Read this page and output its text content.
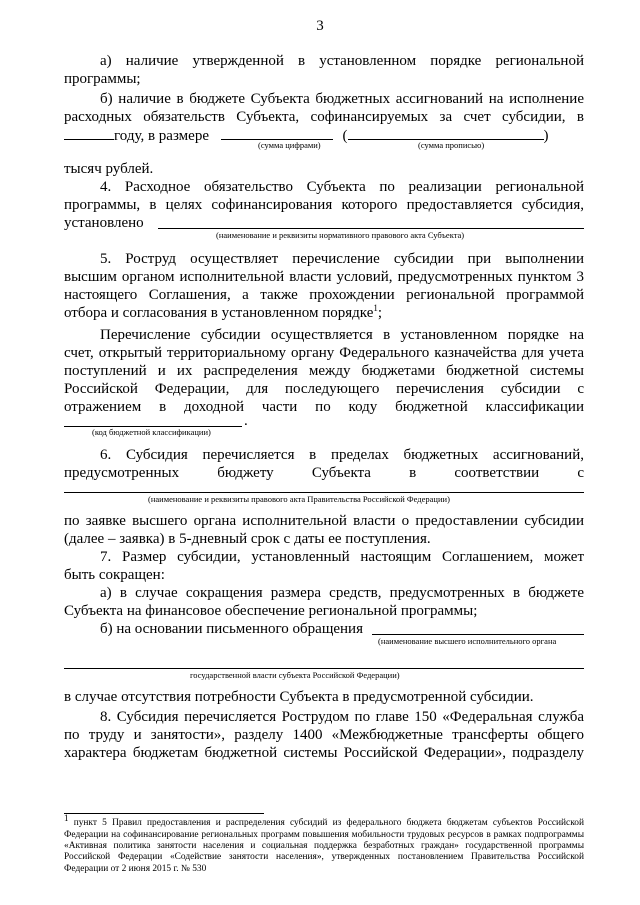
3
а) наличие утвержденной в установленном порядке региональной
программы;
б) наличие в бюджете Субъекта бюджетных ассигнований на исполнение
расходных обязательств Субъекта, софинансируемых за счет субсидии, в
году, в размере	(	)
(сумма цифрами)	(сумма прописью)
тысяч рублей.
4. Расходное обязательство Субъекта по реализации региональной
программы, в целях софинансирования которого предоставляется субсидия,
установлено
(наименование и реквизиты нормативного правового акта Субъекта)
5. Роструд осуществляет перечисление субсидии при выполнении
высшим органом исполнительной власти условий, предусмотренных пунктом 3
настоящего Соглашения, а также прохождении региональной программой
отбора и согласования в установленном порядке$^1$;
Перечисление субсидии осуществляется в установленном порядке на
счет, открытый территориальному органу Федерального казначейства для учета
поступлений и их распределения между бюджетами бюджетной системы
Российской Федерации, для последующего перечисления субсидии с
отражением в доходной части по коду бюджетной классификации
.
(код бюджетной классификации)
6. Субсидия перечисляется в пределах бюджетных ассигнований,
предусмотренных бюджету Субъекта в соответствии с
(наименование и реквизиты правового акта Правительства Российской Федерации)
по заявке высшего органа исполнительной власти о предоставлении субсидии
(далее – заявка) в 5-дневный срок с даты ее поступления.
7. Размер субсидии, установленный настоящим Соглашением, может
быть сокращен:
а) в случае сокращения размера средств, предусмотренных в бюджете
Субъекта на финансовое обеспечение региональной программы;
б) на основании письменного обращения
(наименование высшего исполнительного органа
государственной власти субъекта Российской Федерации)
в случае отсутствия потребности Субъекта в предусмотренной субсидии.
8. Субсидия перечисляется Рострудом по главе 150 «Федеральная служба
по труду и занятости», разделу 1400 «Межбюджетные трансферты общего
характера бюджетам бюджетной системы Российской Федерации», подразделу
$^1$ пункт 5 Правил предоставления и распределения субсидий из федерального бюджета бюджетам субъектов Российской Федерации на софинансирование региональных программ повышения мобильности трудовых ресурсов в рамках подпрограммы «Активная политика занятости населения и социальная поддержка безработных граждан» государственной программы Российской Федерации «Содействие занятости населения», утвержденных постановлением Правительства Российской Федерации от 2 июня 2015 г. № 530
